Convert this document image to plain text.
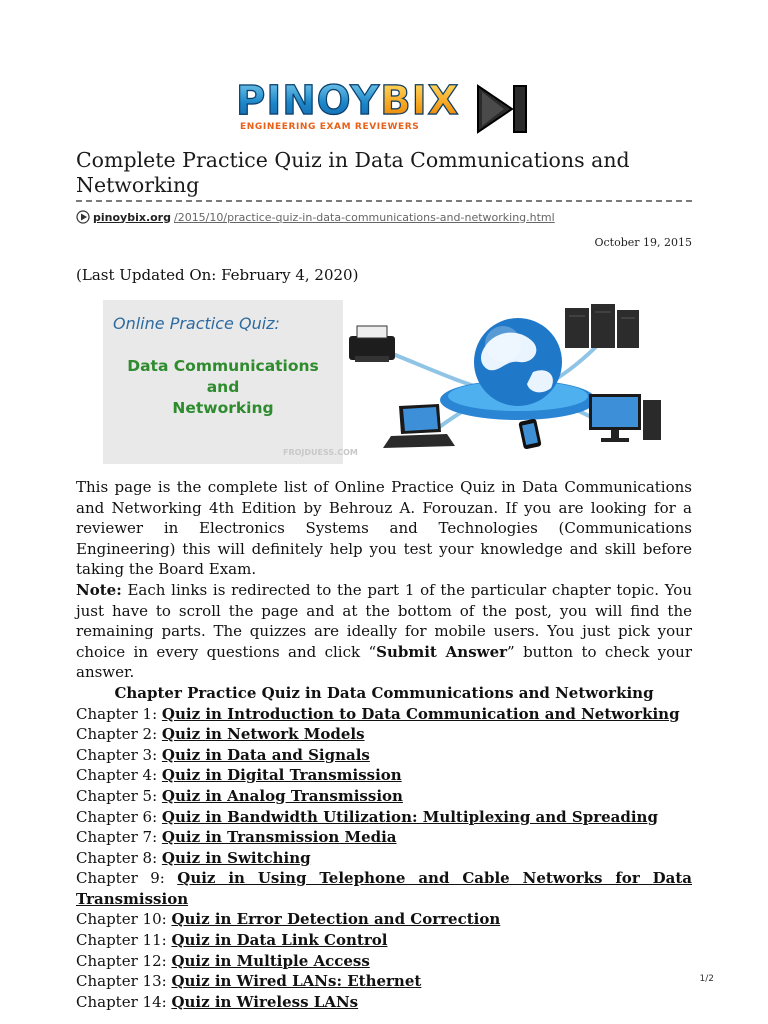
PINOYBIX
ENGINEERING EXAM REVIEWERS
Complete Practice Quiz in Data Communications and Networking
pinoybix.org /2015/10/practice-quiz-in-data-communications-and-networking.html
October 19, 2015
(Last Updated On: February 4, 2020)
Online Practice Quiz:
Data Communications
and
Networking
FROJDUESS.COM

This page is the complete list of Online Practice Quiz in Data Communications and Networking 4th Edition by Behrouz A. Forouzan. If you are looking for a reviewer in Electronics Systems and Technologies (Communications Engineering) this will definitely help you test your knowledge and skill before taking the Board Exam.

Note: Each links is redirected to the part 1 of the particular chapter topic. You just have to scroll the page and at the bottom of the post, you will find the remaining parts. The quizzes are ideally for mobile users. You just pick your choice in every questions and click “Submit Answer” button to check your answer.

Chapter Practice Quiz in Data Communications and Networking

Chapter 1: Quiz in Introduction to Data Communication and Networking

Chapter 2: Quiz in Network Models

Chapter 3: Quiz in Data and Signals

Chapter 4: Quiz in Digital Transmission

Chapter 5: Quiz in Analog Transmission

Chapter 6: Quiz in Bandwidth Utilization: Multiplexing and Spreading

Chapter 7: Quiz in Transmission Media

Chapter 8: Quiz in Switching

Chapter 9: Quiz in Using Telephone and Cable Networks for Data Transmission

Chapter 10: Quiz in Error Detection and Correction

Chapter 11: Quiz in Data Link Control

Chapter 12: Quiz in Multiple Access

Chapter 13: Quiz in Wired LANs: Ethernet

Chapter 14: Quiz in Wireless LANs

1/2
